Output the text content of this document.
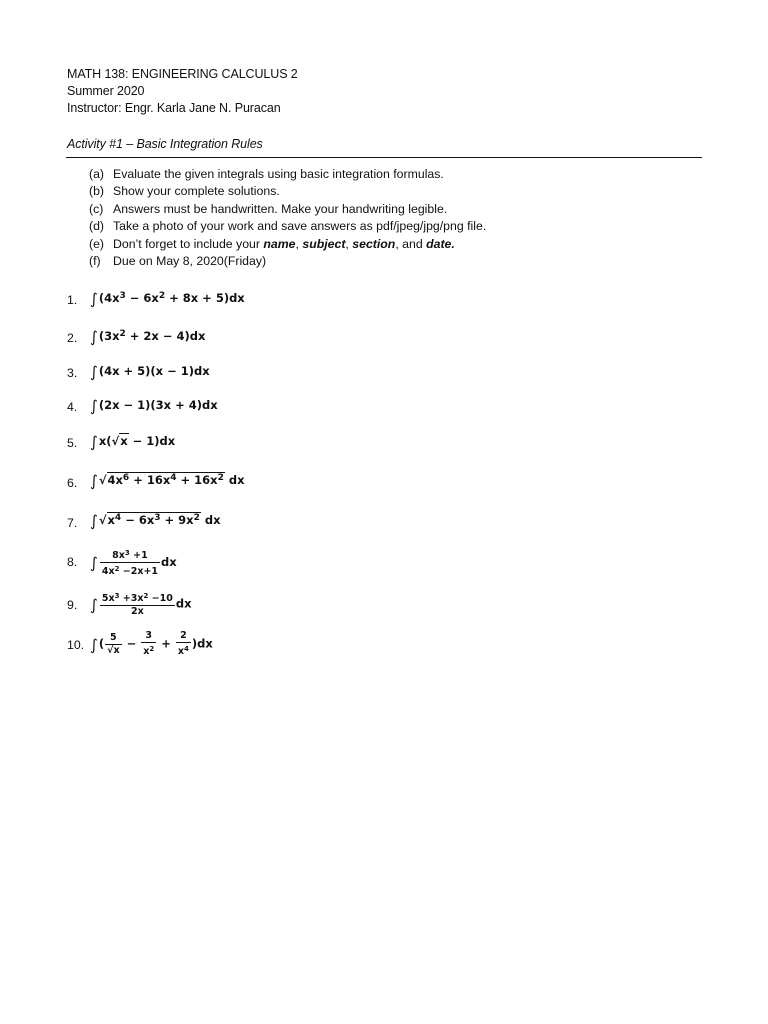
MATH 138: ENGINEERING CALCULUS 2
Summer 2020
Instructor: Engr. Karla Jane N. Puracan
Activity #1 – Basic Integration Rules
(a) Evaluate the given integrals using basic integration formulas.
(b) Show your complete solutions.
(c) Answers must be handwritten. Make your handwriting legible.
(d) Take a photo of your work and save answers as pdf/jpeg/jpg/png file.
(e) Don’t forget to include your name, subject, section, and date.
(f) Due on May 8, 2020(Friday)
1.
2.
3.
4.
5.
6.
7.
8.
9.
10.
$\int(4x^3 - 6x^2 + 8x + 5)dx$
$\int(3x^2 + 2x - 4)dx$
∫(4x + 5)(x − 1)dx
∫(2x − 1)(3x + 4)dx
∫x(√x − 1)dx
$\int√4x^6 + 16x^4 + 16x^2$ dx
$\int√x^4 - 6x^3 + 9x^2$ dx
∫ $\frac{8x^3 +1}{4x^2 -2x+1}$ dx
∫ $\frac{5x^3 +3x^2 -10}{2x}$ dx
∫( $\frac{5}{√x} - \frac{3}{x^2} + \frac{2}{x^4} )dx$
